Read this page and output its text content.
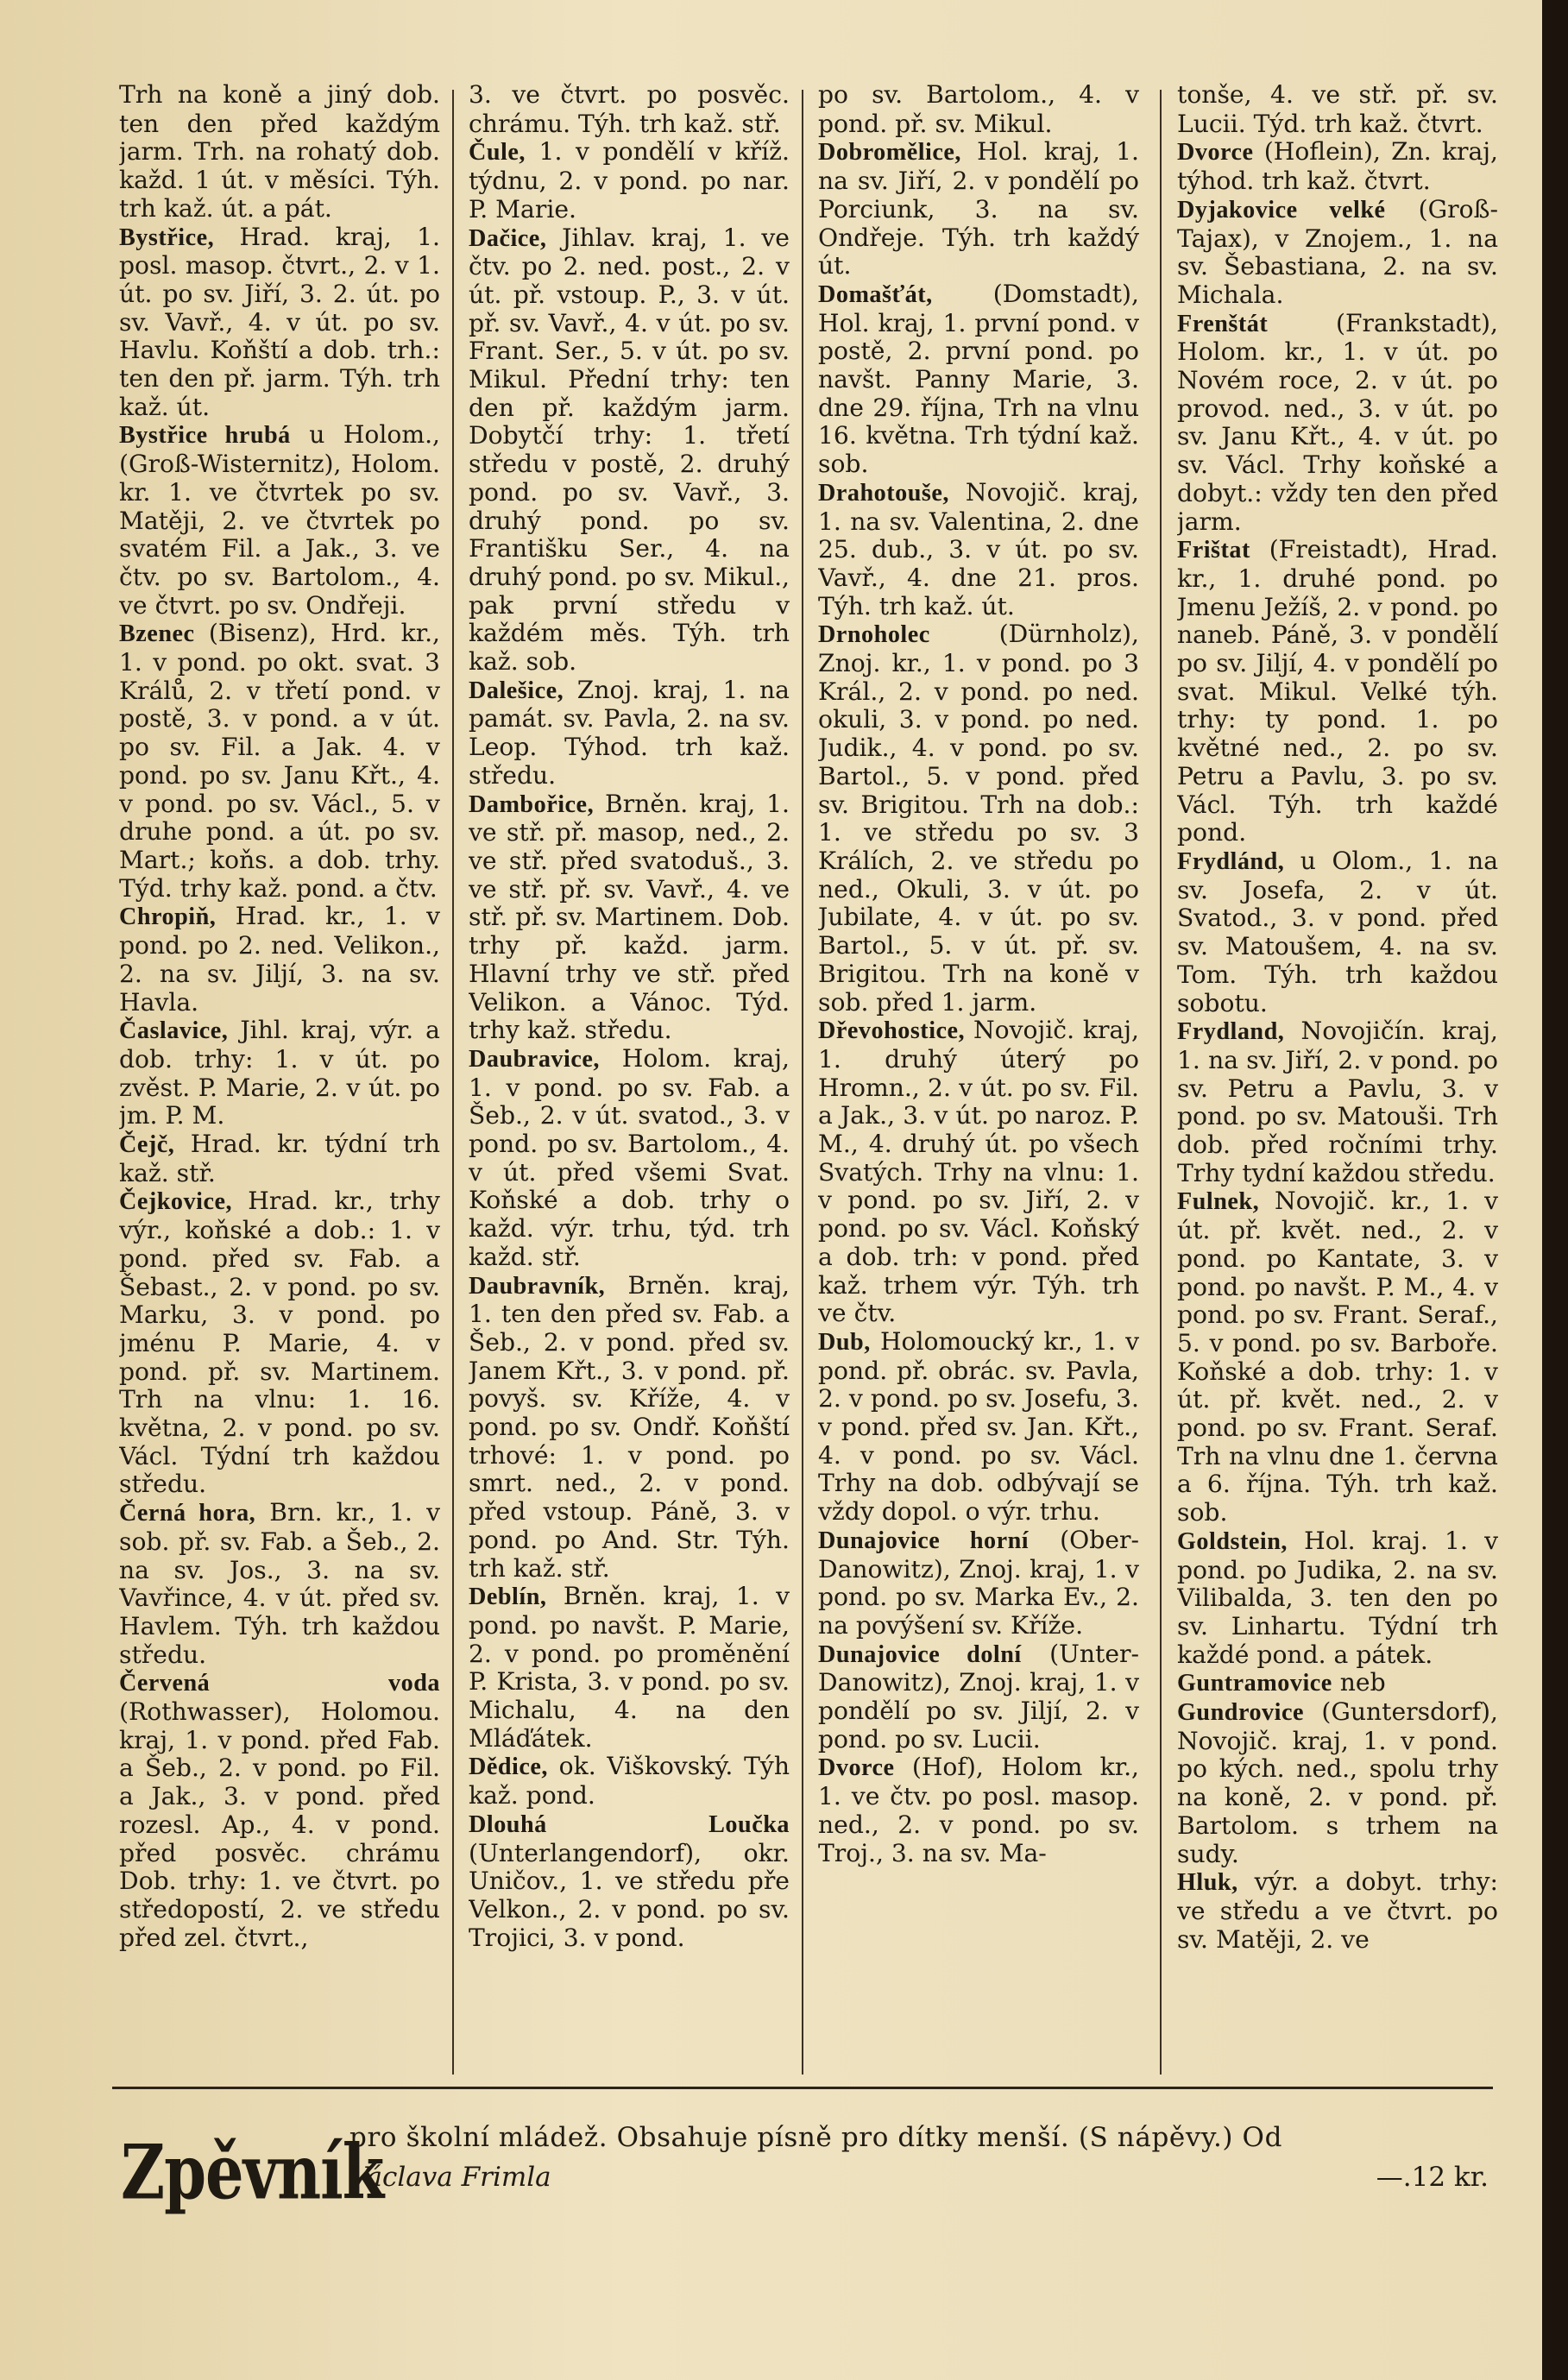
Trh na koně a jiný dob. ten den před každým jarm. Trh. na rohatý dob. každ. 1 út. v měsíci. Týh. trh kaž. út. a pát.

Bystřice, Hrad. kraj, 1. posl. masop. čtvrt., 2. v 1. út. po sv. Jiří, 3. 2. út. po sv. Vavř., 4. v út. po sv. Havlu. Koňští a dob. trh.: ten den př. jarm. Týh. trh kaž. út.

Bystřice hrubá u Holom., (Groß-Wisternitz), Holom. kr. 1. ve čtvrtek po sv. Matěji, 2. ve čtvrtek po svatém Fil. a Jak., 3. ve čtv. po sv. Bartolom., 4. ve čtvrt. po sv. Ondřeji.

Bzenec (Bisenz), Hrd. kr., 1. v pond. po okt. svat. 3 Králů, 2. v třetí pond. v postě, 3. v pond. a v út. po sv. Fil. a Jak. 4. v pond. po sv. Janu Křt., 4. v pond. po sv. Václ., 5. v druhe pond. a út. po sv. Mart.; koňs. a dob. trhy. Týd. trhy kaž. pond. a čtv.

Chropiň, Hrad. kr., 1. v pond. po 2. ned. Velikon., 2. na sv. Jiljí, 3. na sv. Havla.

Časlavice, Jihl. kraj, výr. a dob. trhy: 1. v út. po zvěst. P. Marie, 2. v út. po jm. P. M.

Čejč, Hrad. kr. týdní trh kaž. stř.

Čejkovice, Hrad. kr., trhy výr., koňské a dob.: 1. v pond. před sv. Fab. a Šebast., 2. v pond. po sv. Marku, 3. v pond. po jménu P. Marie, 4. v pond. př. sv. Martinem. Trh na vlnu: 1. 16. května, 2. v pond. po sv. Václ. Týdní trh každou středu.

Černá hora, Brn. kr., 1. v sob. př. sv. Fab. a Šeb., 2. na sv. Jos., 3. na sv. Vavřince, 4. v út. před sv. Havlem. Týh. trh každou středu.

Červená voda (Rothwasser), Holomou. kraj, 1. v pond. před Fab. a Šeb., 2. v pond. po Fil. a Jak., 3. v pond. před rozesl. Ap., 4. v pond. před posvěc. chrámu Dob. trhy: 1. ve čtvrt. po středopostí, 2. ve středu před zel. čtvrt.,

3. ve čtvrt. po posvěc. chrámu. Týh. trh kaž. stř.

Čule, 1. v pondělí v kříž. týdnu, 2. v pond. po nar. P. Marie.

Dačice, Jihlav. kraj, 1. ve čtv. po 2. ned. post., 2. v út. př. vstoup. P., 3. v út. př. sv. Vavř., 4. v út. po sv. Frant. Ser., 5. v út. po sv. Mikul. Přední trhy: ten den př. každým jarm. Dobytčí trhy: 1. třetí středu v postě, 2. druhý pond. po sv. Vavř., 3. druhý pond. po sv. Františku Ser., 4. na druhý pond. po sv. Mikul., pak první středu v každém měs. Týh. trh kaž. sob.

Dalešice, Znoj. kraj, 1. na památ. sv. Pavla, 2. na sv. Leop. Týhod. trh kaž. středu.

Dambořice, Brněn. kraj, 1. ve stř. př. masop, ned., 2. ve stř. před svatoduš., 3. ve stř. př. sv. Vavř., 4. ve stř. př. sv. Martinem. Dob. trhy př. každ. jarm. Hlavní trhy ve stř. před Velikon. a Vánoc. Týd. trhy kaž. středu.

Daubravice, Holom. kraj, 1. v pond. po sv. Fab. a Šeb., 2. v út. svatod., 3. v pond. po sv. Bartolom., 4. v út. před všemi Svat. Koňské a dob. trhy o každ. výr. trhu, týd. trh každ. stř.

Daubravník, Brněn. kraj, 1. ten den před sv. Fab. a Šeb., 2. v pond. před sv. Janem Křt., 3. v pond. př. povyš. sv. Kříže, 4. v pond. po sv. Ondř. Koňští trhové: 1. v pond. po smrt. ned., 2. v pond. před vstoup. Páně, 3. v pond. po And. Str. Týh. trh kaž. stř.

Deblín, Brněn. kraj, 1. v pond. po navšt. P. Marie, 2. v pond. po proměnění P. Krista, 3. v pond. po sv. Michalu, 4. na den Mláďátek.

Dědice, ok. Viškovský. Týh kaž. pond.

Dlouhá Loučka (Unterlangendorf), okr. Uničov., 1. ve středu pře Velkon., 2. v pond. po sv. Trojici, 3. v pond.

po sv. Bartolom., 4. v pond. př. sv. Mikul.

Dobromělice, Hol. kraj, 1. na sv. Jiří, 2. v pondělí po Porciunk, 3. na sv. Ondřeje. Týh. trh každý út.

Domašťát, (Domstadt), Hol. kraj, 1. první pond. v postě, 2. první pond. po navšt. Panny Marie, 3. dne 29. října, Trh na vlnu 16. května. Trh týdní kaž. sob.

Drahotouše, Novojič. kraj, 1. na sv. Valentina, 2. dne 25. dub., 3. v út. po sv. Vavř., 4. dne 21. pros. Týh. trh kaž. út.

Drnoholec (Dürnholz), Znoj. kr., 1. v pond. po 3 Král., 2. v pond. po ned. okuli, 3. v pond. po ned. Judik., 4. v pond. po sv. Bartol., 5. v pond. před sv. Brigitou. Trh na dob.: 1. ve středu po sv. 3 Králích, 2. ve středu po ned., Okuli, 3. v út. po Jubilate, 4. v út. po sv. Bartol., 5. v út. př. sv. Brigitou. Trh na koně v sob. před 1. jarm.

Dřevohostice, Novojič. kraj, 1. druhý úterý po Hromn., 2. v út. po sv. Fil. a Jak., 3. v út. po naroz. P. M., 4. druhý út. po všech Svatých. Trhy na vlnu: 1. v pond. po sv. Jiří, 2. v pond. po sv. Václ. Koňský a dob. trh: v pond. před kaž. trhem výr. Týh. trh ve čtv.

Dub, Holomoucký kr., 1. v pond. př. obrác. sv. Pavla, 2. v pond. po sv. Josefu, 3. v pond. před sv. Jan. Křt., 4. v pond. po sv. Václ. Trhy na dob. odbývají se vždy dopol. o výr. trhu.

Dunajovice horní (Ober-Danowitz), Znoj. kraj, 1. v pond. po sv. Marka Ev., 2. na povýšení sv. Kříže.

Dunajovice dolní (Unter-Danowitz), Znoj. kraj, 1. v pondělí po sv. Jiljí, 2. v pond. po sv. Lucii.

Dvorce (Hof), Holom kr., 1. ve čtv. po posl. masop. ned., 2. v pond. po sv. Troj., 3. na sv. Ma-

tonše, 4. ve stř. př. sv. Lucii. Týd. trh kaž. čtvrt.

Dvorce (Hoflein), Zn. kraj, týhod. trh kaž. čtvrt.

Dyjakovice velké (Groß-Tajax), v Znojem., 1. na sv. Šebastiana, 2. na sv. Michala.

Frenštát (Frankstadt), Holom. kr., 1. v út. po Novém roce, 2. v út. po provod. ned., 3. v út. po sv. Janu Křt., 4. v út. po sv. Václ. Trhy koňské a dobyt.: vždy ten den před jarm.

Frištat (Freistadt), Hrad. kr., 1. druhé pond. po Jmenu Ježíš, 2. v pond. po naneb. Páně, 3. v pondělí po sv. Jiljí, 4. v pondělí po svat. Mikul. Velké týh. trhy: ty pond. 1. po květné ned., 2. po sv. Petru a Pavlu, 3. po sv. Václ. Týh. trh každé pond.

Frydlánd, u Olom., 1. na sv. Josefa, 2. v út. Svatod., 3. v pond. před sv. Matoušem, 4. na sv. Tom. Týh. trh každou sobotu.

Frydland, Novojičín. kraj, 1. na sv. Jiří, 2. v pond. po sv. Petru a Pavlu, 3. v pond. po sv. Matouši. Trh dob. před ročními trhy. Trhy tydní každou středu.

Fulnek, Novojič. kr., 1. v út. př. květ. ned., 2. v pond. po Kantate, 3. v pond. po navšt. P. M., 4. v pond. po sv. Frant. Seraf., 5. v pond. po sv. Barboře. Koňské a dob. trhy: 1. v út. př. květ. ned., 2. v pond. po sv. Frant. Seraf. Trh na vlnu dne 1. června a 6. října. Týh. trh kaž. sob.

Goldstein, Hol. kraj. 1. v pond. po Judika, 2. na sv. Vilibalda, 3. ten den po sv. Linhartu. Týdní trh každé pond. a pátek.

Guntramovice neb

Gundrovice (Guntersdorf), Novojič. kraj, 1. v pond. po kých. ned., spolu trhy na koně, 2. v pond. př. Bartolom. s trhem na sudy.

Hluk, výr. a dobyt. trhy: ve středu a ve čtvrt. po sv. Matěji, 2. ve

Zpěvník
pro školní mládež. Obsahuje písně pro dítky menší. (S nápěvy.) Od
Václava Frimla	—.12 kr.
